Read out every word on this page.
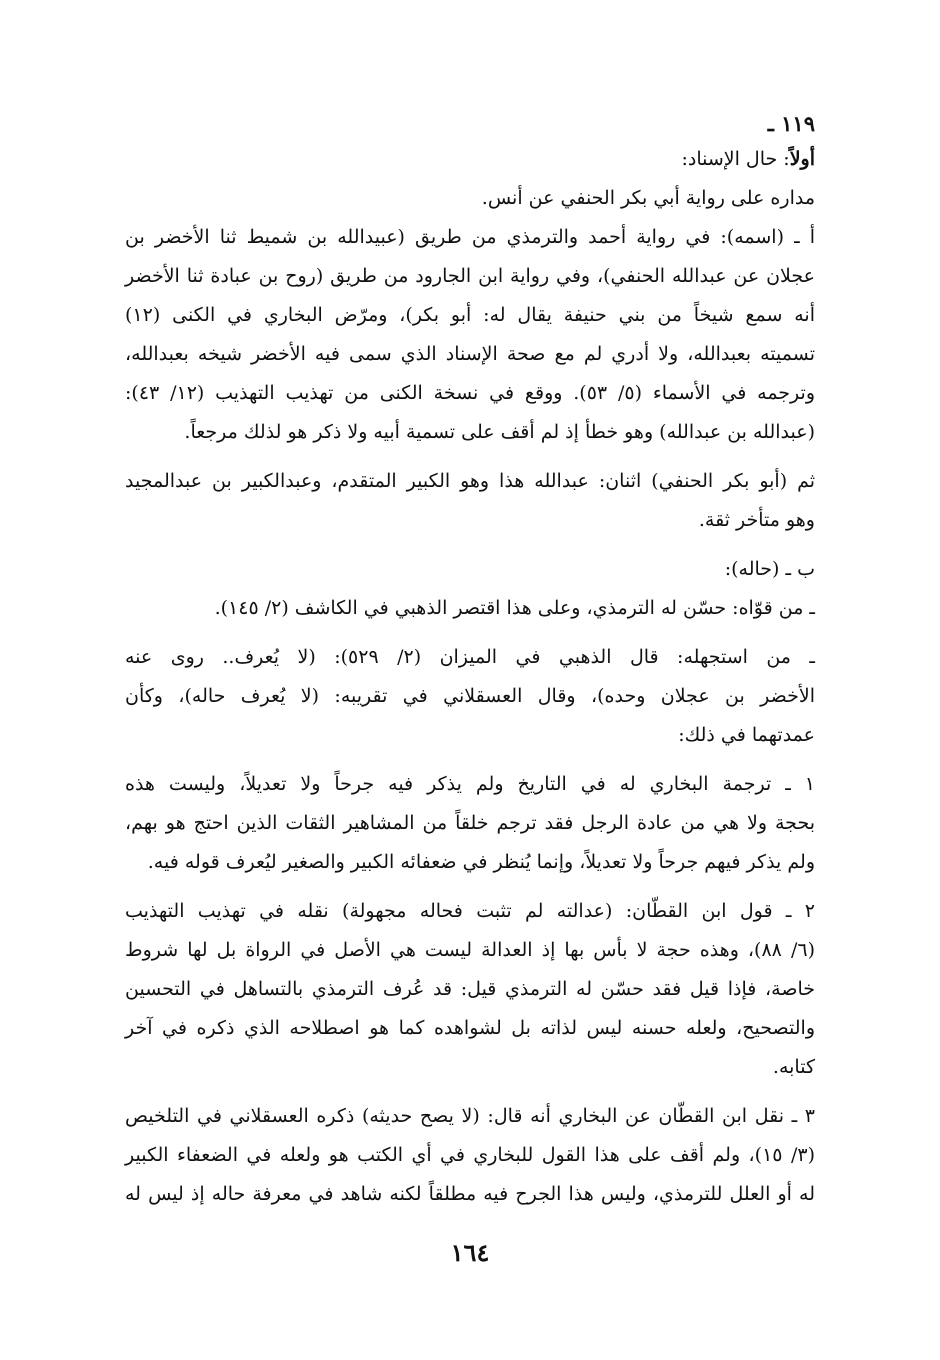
١١٩ ـ
أولاً: حال الإسناد:
مداره على رواية أبي بكر الحنفي عن أنس.
أ ـ (اسمه): في رواية أحمد والترمذي من طريق (عبيدالله بن شميط ثنا الأخضر بن
عجلان عن عبدالله الحنفي)، وفي رواية ابن الجارود من طريق (روح بن عبادة ثنا الأخضر
أنه سمع شيخاً من بني حنيفة يقال له: أبو بكر)، ومرّض البخاري في الكنى (١٢)
تسميته بعبدالله، ولا أدري لم مع صحة الإسناد الذي سمى فيه الأخضر شيخه بعبدالله،
وترجمه في الأسماء (٥/ ٥٣). ووقع في نسخة الكنى من تهذيب التهذيب (١٢/ ٤٣):
(عبدالله بن عبدالله) وهو خطأ إذ لم أقف على تسمية أبيه ولا ذكر هو لذلك مرجعاً.
ثم (أبو بكر الحنفي) اثنان: عبدالله هذا وهو الكبير المتقدم، وعبدالكبير بن عبدالمجيد
وهو متأخر ثقة.
ب ـ (حاله):
ـ من قوّاه: حسّن له الترمذي، وعلى هذا اقتصر الذهبي في الكاشف (٢/ ١٤٥).
ـ من استجهله: قال الذهبي في الميزان (٢/ ٥٢٩): (لا يُعرف.. روى عنه
الأخضر بن عجلان وحده)، وقال العسقلاني في تقريبه: (لا يُعرف حاله)، وكأن
عمدتهما في ذلك:
١ ـ ترجمة البخاري له في التاريخ ولم يذكر فيه جرحاً ولا تعديلاً، وليست هذه
بحجة ولا هي من عادة الرجل فقد ترجم خلقاً من المشاهير الثقات الذين احتج هو بهم،
ولم يذكر فيهم جرحاً ولا تعديلاً، وإنما يُنظر في ضعفائه الكبير والصغير ليُعرف قوله فيه.
٢ ـ قول ابن القطّان: (عدالته لم تثبت فحاله مجهولة) نقله في تهذيب التهذيب
(٦/ ٨٨)، وهذه حجة لا بأس بها إذ العدالة ليست هي الأصل في الرواة بل لها شروط
خاصة، فإذا قيل فقد حسّن له الترمذي قيل: قد عُرف الترمذي بالتساهل في التحسين
والتصحيح، ولعله حسنه ليس لذاته بل لشواهده كما هو اصطلاحه الذي ذكره في آخر
كتابه.
٣ ـ نقل ابن القطّان عن البخاري أنه قال: (لا يصح حديثه) ذكره العسقلاني في التلخيص
(٣/ ١٥)، ولم أقف على هذا القول للبخاري في أي الكتب هو ولعله في الضعفاء الكبير
له أو العلل للترمذي، وليس هذا الجرح فيه مطلقاً لكنه شاهد في معرفة حاله إذ ليس له
١٦٤
